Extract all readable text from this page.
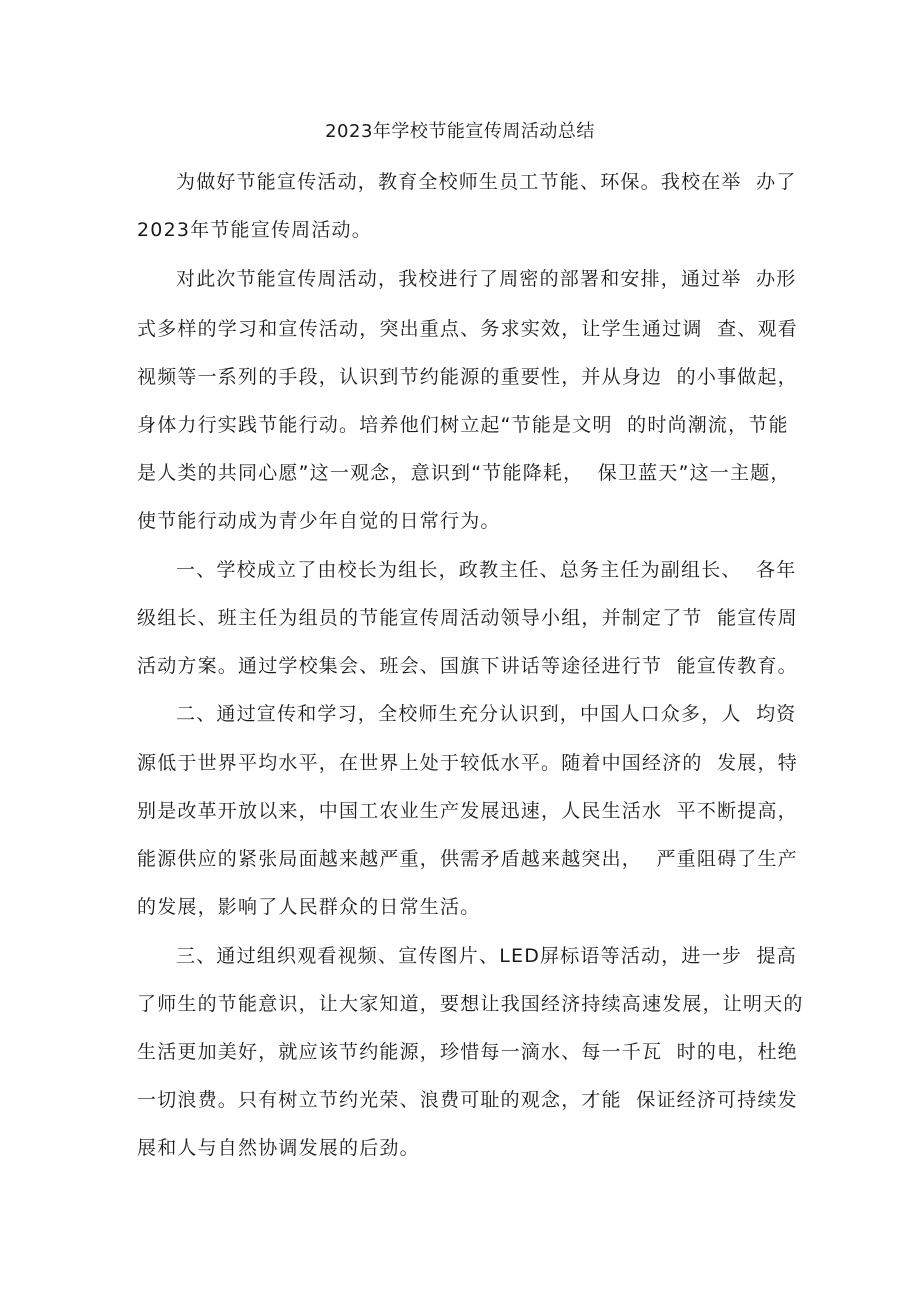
2023年学校节能宣传周活动总结
为做好节能宣传活动，教育全校师生员工节能、环保。我校在举  办了
2023年节能宣传周活动。
对此次节能宣传周活动，我校进行了周密的部署和安排，通过举  办形
式多样的学习和宣传活动，突出重点、务求实效，让学生通过调  查、观看
视频等一系列的手段，认识到节约能源的重要性，并从身边  的小事做起，
身体力行实践节能行动。培养他们树立起“节能是文明  的时尚潮流，节能
是人类的共同心愿”这一观念，意识到“节能降耗，  保卫蓝天”这一主题，
使节能行动成为青少年自觉的日常行为。
一、学校成立了由校长为组长，政教主任、总务主任为副组长、  各年
级组长、班主任为组员的节能宣传周活动领导小组，并制定了节  能宣传周
活动方案。通过学校集会、班会、国旗下讲话等途径进行节  能宣传教育。
二、通过宣传和学习，全校师生充分认识到，中国人口众多，人  均资
源低于世界平均水平，在世界上处于较低水平。随着中国经济的  发展，特
别是改革开放以来，中国工农业生产发展迅速，人民生活水  平不断提高，
能源供应的紧张局面越来越严重，供需矛盾越来越突出，  严重阻碍了生产
的发展，影响了人民群众的日常生活。
三、通过组织观看视频、宣传图片、LED屏标语等活动，进一步  提高
了师生的节能意识，让大家知道，要想让我国经济持续高速发展，让明天的
生活更加美好，就应该节约能源，珍惜每一滴水、每一千瓦  时的电，杜绝
一切浪费。只有树立节约光荣、浪费可耻的观念，才能  保证经济可持续发
展和人与自然协调发展的后劲。
